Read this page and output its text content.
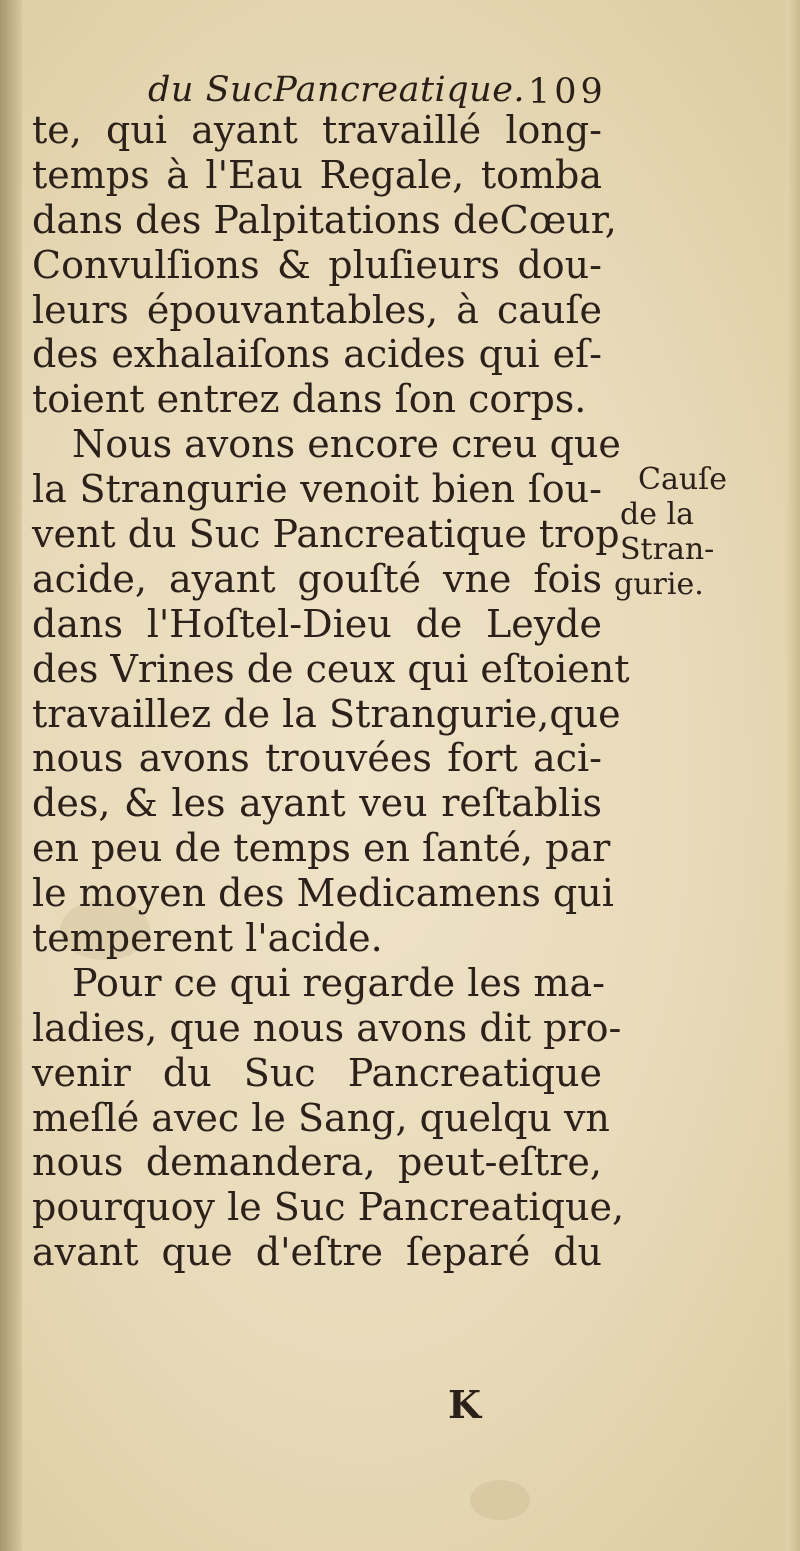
du SucPancreatique. 109
te, qui ayant travaillé long-
temps à l'Eau Regale, tomba
dans des Palpitations deCœur,
Convulſions & pluſieurs dou-
leurs épouvantables, à cauſe
des exhalaiſons acides qui eſ-
toient entrez dans ſon corps.
Nous avons encore creu que
la Strangurie venoit bien ſou-
vent du Suc Pancreatique trop
acide, ayant gouſté vne fois
dans l'Hoſtel-Dieu de Leyde
des Vrines de ceux qui eſtoient
travaillez de la Strangurie,que
nous avons trouvées fort aci-
des, & les ayant veu reſtablis
en peu de temps en ſanté, par
le moyen des Medicamens qui
temperent l'acide.
Pour ce qui regarde les ma-
ladies, que nous avons dit pro-
venir du Suc Pancreatique
meſlé avec le Sang, quelqu vn
nous demandera, peut-eſtre,
pourquoy le Suc Pancreatique,
avant que d'eſtre ſeparé du
Cauſe
de la
Stran-
gurie.
K
